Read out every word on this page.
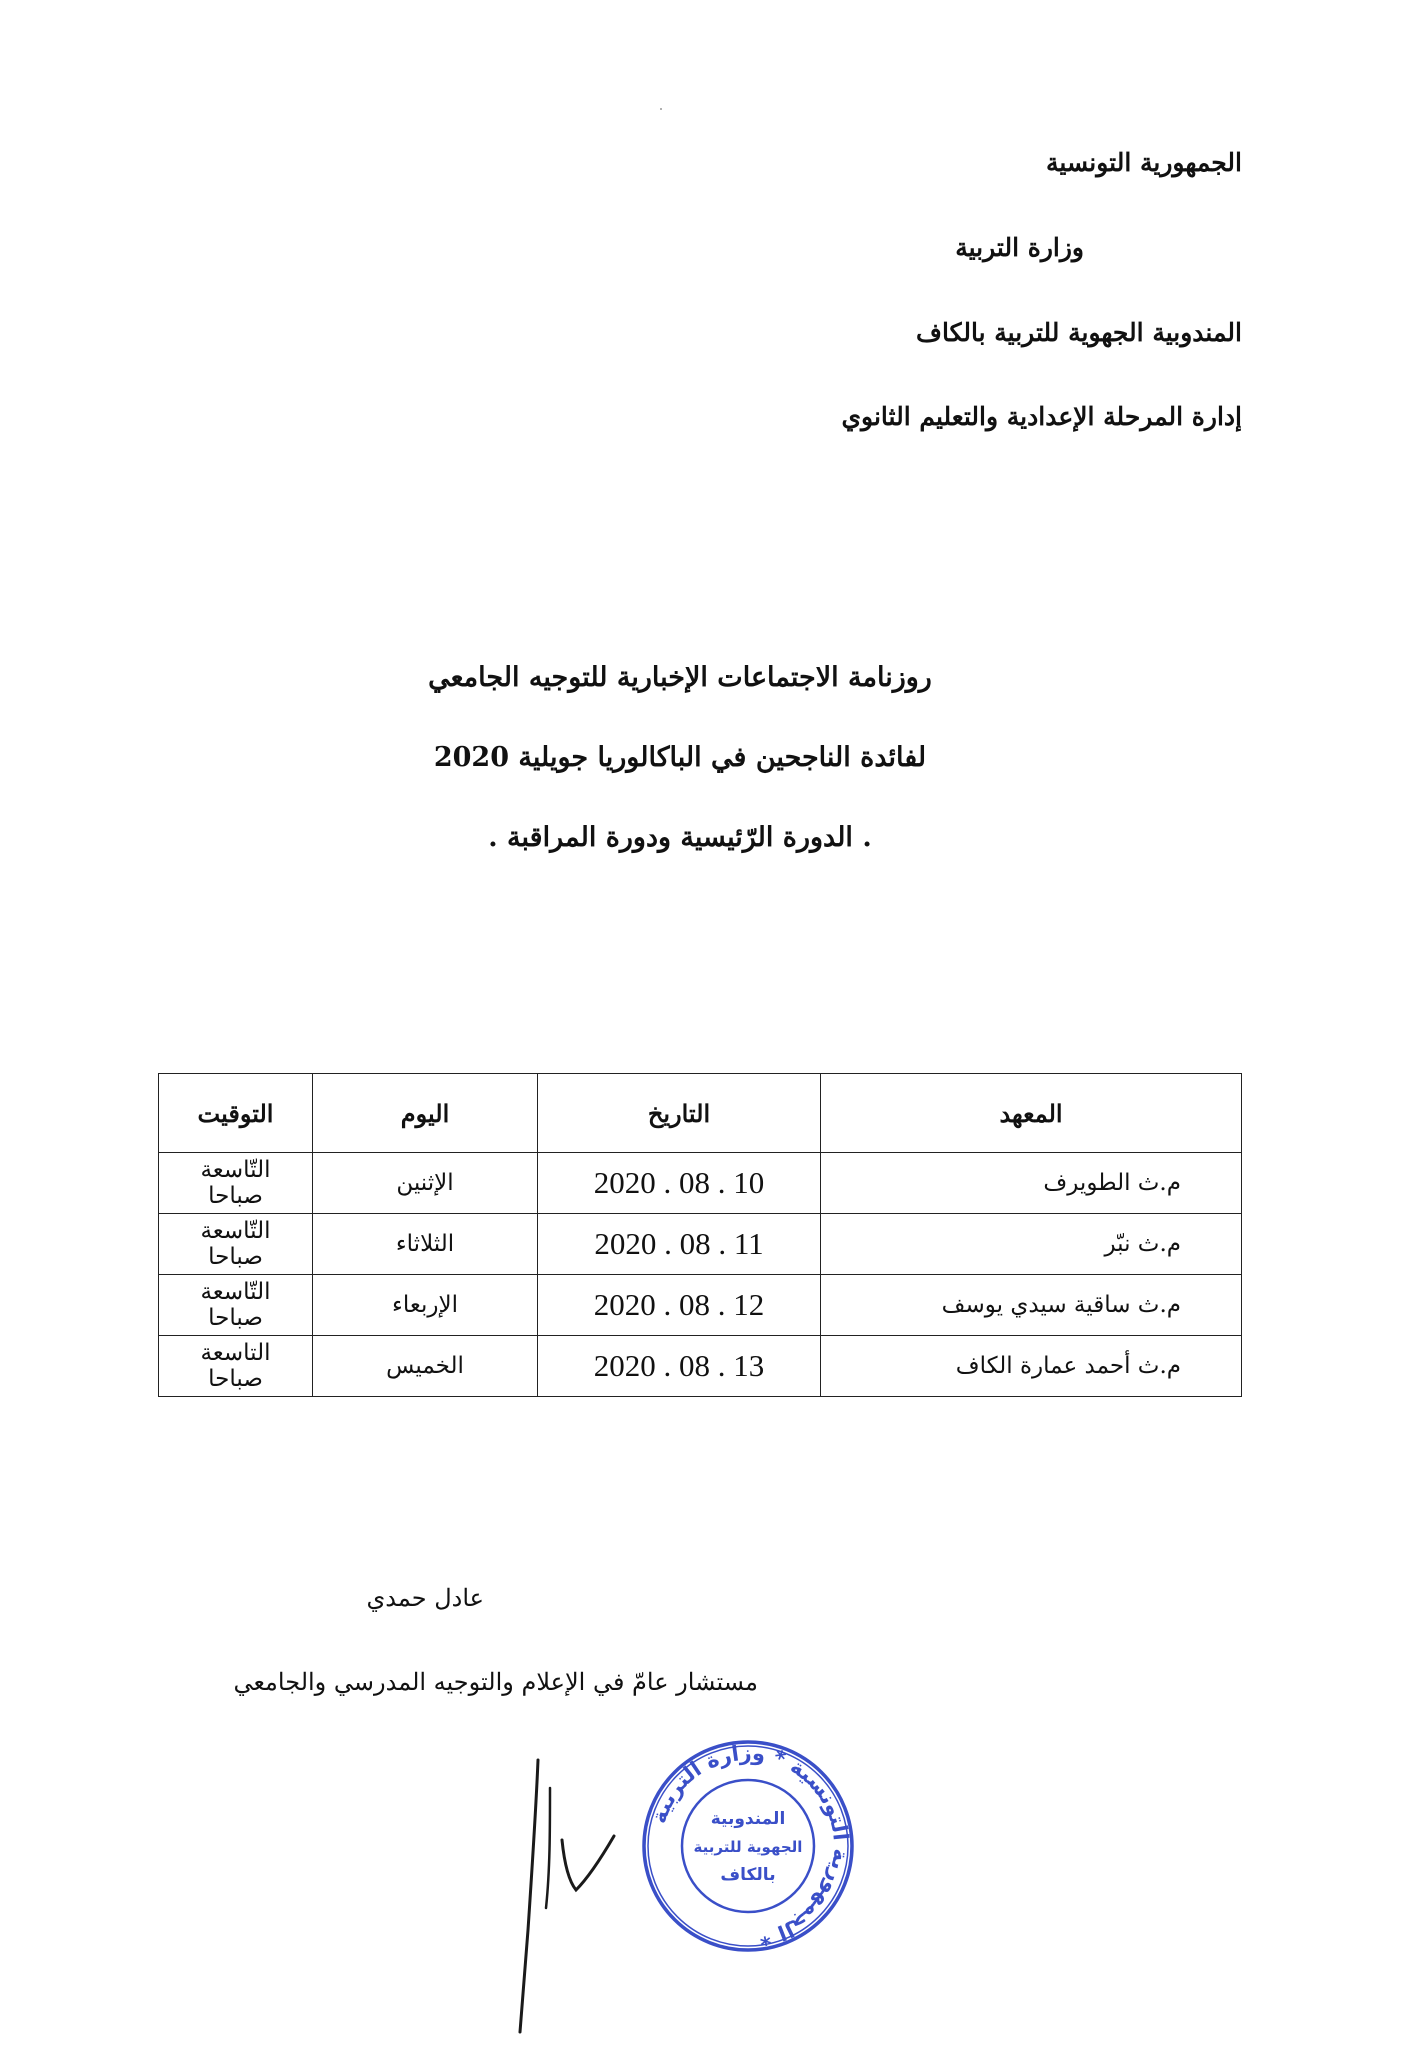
الجمهورية التونسية
وزارة التربية
المندوبية الجهوية للتربية بالكاف
إدارة المرحلة الإعدادية والتعليم الثانوي
روزنامة الاجتماعات الإخبارية للتوجيه الجامعي
لفائدة الناجحين في الباكالوريا جويلية 2020
. الدورة الرّئيسية ودورة المراقبة .
المعهد	التاريخ	اليوم	التوقيت
م.ث الطويرف	2020 . 08 . 10	الإثنين	التّاسعة صباحا
م.ث نبّر	2020 . 08 . 11	الثلاثاء	التّاسعة صباحا
م.ث ساقية سيدي يوسف	2020 . 08 . 12	الإربعاء	التّاسعة صباحا
م.ث أحمد عمارة الكاف	2020 . 08 . 13	الخميس	التاسعة صباحا
عادل حمدي
مستشار عامّ في الإعلام والتوجيه المدرسي والجامعي
الجمهورية التونسية * وزارة التربية *
المندوبية
الجهوية للتربية
بالكاف
